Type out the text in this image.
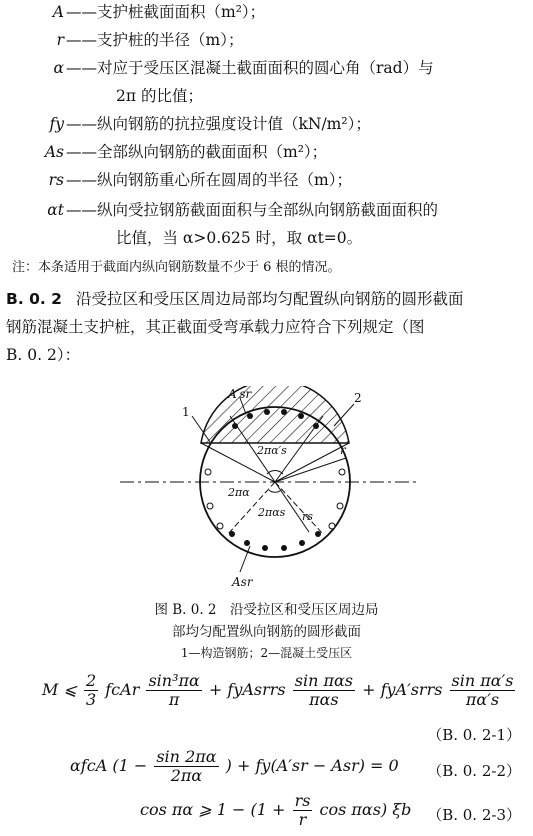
A ——支护桩截面面积（m²）；
r ——支护桩的半径（m）；
α ——对应于受压区混凝土截面面积的圆心角（rad）与
2π 的比值；
fy ——纵向钢筋的抗拉强度设计值（kN/m²）；
As ——全部纵向钢筋的截面面积（m²）；
rs ——纵向钢筋重心所在圆周的半径（m）；
αt ——纵向受拉钢筋截面面积与全部纵向钢筋截面面积的
比值，当 α>0.625 时，取 αt=0。
注：本条适用于截面内纵向钢筋数量不少于 6 根的情况。
B. 0. 2 沿受拉区和受压区周边局部均匀配置纵向钢筋的圆形截面
钢筋混凝土支护桩，其正截面受弯承载力应符合下列规定（图
B. 0. 2）：
A′sr
1
2
r
rs
2πα′s
2πα
2παs
Asr
图 B. 0. 2　沿受拉区和受压区周边局
部均匀配置纵向钢筋的圆形截面
1—构造钢筋；2—混凝土受压区
M ⩽ $\frac{2}{3}$ fcAr $\frac{\text{sin³πα}}{\pi}$ + fyAsrrs $\frac{\text{sin παs}}{\text{παs}}$ + fyA′srrs $\frac{\text{sin πα′s}}{\pi\alpha's}$
（B. 0. 2-1）
αfcA ($1 - \frac{\sin 2\pi\alpha}{2\pi\alpha}$ ) + fy(A′sr − Asr) = 0 （B. 0. 2-2）
cos πα ⩾ $1 - (1 + \frac{rs}{r}$ cos παs) ξb （B. 0. 2-3）
